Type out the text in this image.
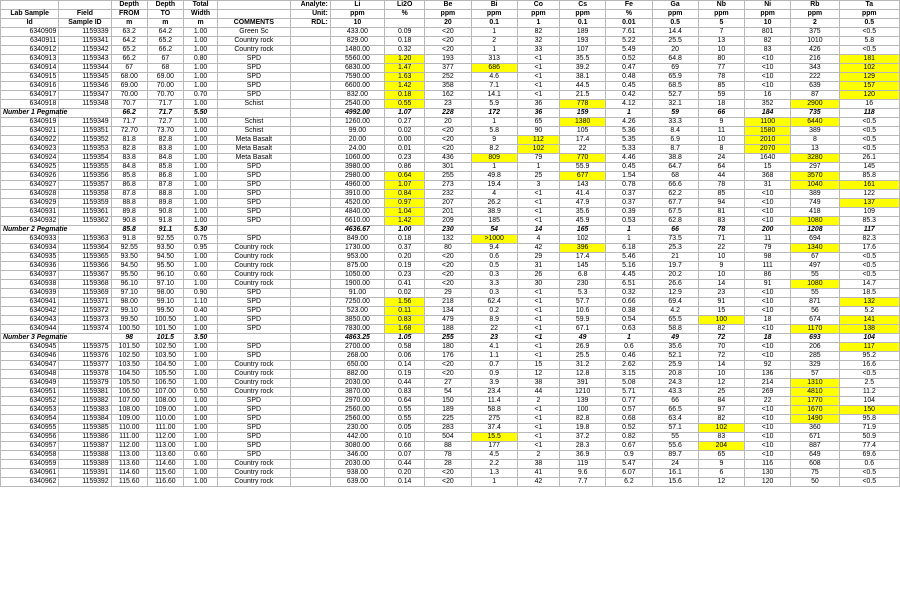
		Depth	Depth	Total		Analyte:	Li	Li2O	Be	Bi	Co	Cs	Fe	Ga	Nb	Ni	Rb	Ta
Lab Sample	Field	FROM	TO	Width		Unit:	ppm	%	ppm	ppm	ppm	ppm	%	ppm	ppm	ppm	ppm	ppm
Id	Sample ID	m	m	m	COMMENTS	RDL:	10		20	0.1	1	0.1	0.01	0.5	5	10	2	0.5
6340909	1159339	63.2	64.2	1.00	Green Sc		433.00	0.09	<20	1	82	189	7.61	14.4	7	801	375	<0.5
6340911	1159341	64.2	65.2	1.00	Country rock		829.00	0.18	<20	2	32	193	5.22	25.5	13	82	1010	5.8
6340912	1159342	65.2	66.2	1.00	Country rock		1480.00	0.32	<20	1	33	107	5.49	20	10	83	426	<0.5
6340913	1159343	66.2	67	0.80	SPD		5560.00	1.20	193	313	<1	35.5	0.52	64.8	80	<10	216	181
6340914	1159344	67	68	1.00	SPD		6830.00	1.47	377	686	<1	39.2	0.47	69	77	<10	343	102
6340915	1159345	68.00	69.00	1.00	SPD		7590.00	1.63	252	4.6	<1	38.1	0.48	65.9	78	<10	222	129
6340916	1159346	69.00	70.00	1.00	SPD		6600.00	1.42	358	7.1	<1	44.5	0.45	68.5	85	<10	639	157
6340917	1159347	70.00	70.70	0.70	SPD		832.00	0.18	162	14.1	<1	21.5	0.42	52.7	59	16	87	120
6340918	1159348	70.7	71.7	1.00	Schist		2540.00	0.55	23	5.9	36	778	4.12	32.1	18	352	2900	16
Number 1 Pegmatie		66.2	71.7	5.50			4992.00	1.07	228	172	36	159	1	59	66	184	735	118
6340919	1159349	71.7	72.7	1.00	Schist		1260.00	0.27	20	1	65	1380	4.26	33.3	9	1100	6440	<0.5
6340921	1159351	72.70	73.70	1.00	Schist		99.00	0.02	<20	5.8	90	105	5.36	8.4	11	1580	389	<0.5
6340922	1159352	81.8	82.8	1.00	Meta Basalt		20.00	0.00	<20	9	112	17.4	5.35	6.9	10	2010	8	<0.5
6340923	1159353	82.8	83.8	1.00	Meta Basalt		24.00	0.01	<20	8.2	102	22	5.33	8.7	8	2070	13	<0.5
6340924	1159354	83.8	84.8	1.00	Meta Basalt		1060.00	0.23	436	809	79	770	4.46	38.8	24	1640	3280	26.1
6340925	1159355	84.8	85.8	1.00	SPD		3980.00	0.86	301	1	1	55.9	0.45	64.7	64	15	297	145
6340926	1159356	85.8	86.8	1.00	SPD		2980.00	0.64	255	49.8	25	677	1.54	68	44	368	3570	85.8
6340927	1159357	86.8	87.8	1.00	SPD		4960.00	1.07	273	19.4	3	143	0.78	66.6	78	31	1040	161
6340928	1159358	87.8	88.8	1.00	SPD		3910.00	0.84	232	4	<1	41.4	0.37	62.2	85	<10	389	122
6340929	1159359	88.8	89.8	1.00	SPD		4520.00	0.97	207	26.2	<1	47.9	0.37	67.7	94	<10	749	137
6340931	1159361	89.8	90.8	1.00	SPD		4840.00	1.04	201	38.9	<1	35.6	0.39	67.5	81	<10	418	109
6340932	1159362	90.8	91.8	1.00	SPD		6610.00	1.42	209	185	<1	45.9	0.53	62.8	83	<10	1080	85.3
Number 2 Pegmatie		85.8	91.1	5.30			4636.67	1.00	230	54	14	165	1	66	78	200	1208	117
6340933	1159363	91.8	92.55	0.75	SPD		849.00	0.18	132	>1000	4	102	1	73.5	71	11	694	82.3
6340934	1159364	92.55	93.50	0.95	Country rock		1730.00	0.37	80	9.4	42	396	6.18	25.3	22	79	1340	17.6
6340935	1159365	93.50	94.50	1.00	Country rock		953.00	0.20	<20	0.6	29	17.4	5.46	21	10	98	67	<0.5
6340936	1159366	94.50	95.50	1.00	Country rock		875.00	0.19	<20	0.5	31	145	5.16	19.7	9	111	497	<0.5
6340937	1159367	95.50	96.10	0.60	Country rock		1050.00	0.23	<20	0.3	26	6.8	4.45	20.2	10	86	55	<0.5
6340938	1159368	96.10	97.10	1.00	Country rock		1900.00	0.41	<20	3.3	30	230	6.51	26.6	14	91	1080	14.7
6340939	1159369	97.10	98.00	0.90	SPD		91.00	0.02	29	0.3	<1	5.3	0.32	12.9	23	<10	55	18.5
6340941	1159371	98.00	99.10	1.10	SPD		7250.00	1.56	218	62.4	<1	57.7	0.66	69.4	91	<10	871	132
6340942	1159372	99.10	99.50	0.40	SPD		523.00	0.11	134	0.2	<1	10.6	0.38	4.2	15	<10	56	5.2
6340943	1159373	99.50	100.50	1.00	SPD		3850.00	0.83	479	8.9	<1	59.9	0.54	65.5	100	18	674	141
6340944	1159374	100.50	101.50	1.00	SPD		7830.00	1.68	188	22	<1	67.1	0.63	58.8	82	<10	1170	138
Number 3 Pegmatie		98	101.5	3.50			4863.25	1.05	255	23	<1	49	1	49	72	18	693	104
6340945	1159375	101.50	102.50	1.00	SPD		2700.00	0.58	180	4.1	<1	26.9	0.6	35.6	70	<10	206	117
6340946	1159376	102.50	103.50	1.00	SPD		268.00	0.06	176	1.1	<1	25.5	0.46	52.1	72	<10	285	95.2
6340947	1159377	103.50	104.50	1.00	Country rock		650.00	0.14	<20	0.7	15	31.2	2.62	25.9	14	92	329	16.6
6340948	1159378	104.50	105.50	1.00	Country rock		882.00	0.19	<20	0.9	12	12.8	3.15	20.8	10	136	57	<0.5
6340949	1159379	105.50	106.50	1.00	Country rock		2030.00	0.44	27	3.9	38	391	5.08	24.3	12	214	1310	2.5
6340951	1159381	106.50	107.00	0.50	Country rock		3870.00	0.83	54	23.4	44	1210	5.71	43.3	25	269	4810	11.2
6340952	1159382	107.00	108.00	1.00	SPD		2970.00	0.64	150	11.4	2	139	0.77	66	84	22	1770	104
6340953	1159383	108.00	109.00	1.00	SPD		2560.00	0.55	189	58.8	<1	100	0.57	66.5	97	<10	1670	150
6340954	1159384	109.00	110.00	1.00	SPD		2560.00	0.55	225	275	<1	82.8	0.68	63.4	82	<10	1490	95.8
6340955	1159385	110.00	111.00	1.00	SPD		230.00	0.05	283	37.4	<1	19.8	0.52	57.1	102	<10	360	71.9
6340956	1159386	111.00	112.00	1.00	SPD		442.00	0.10	504	15.5	<1	37.2	0.82	55	83	<10	671	50.9
6340957	1159387	112.00	113.00	1.00	SPD		3080.00	0.66	88	177	<1	28.3	0.67	55.6	204	<10	887	77.4
6340958	1159388	113.00	113.60	0.60	SPD		346.00	0.07	78	4.5	2	36.9	0.9	89.7	65	<10	649	69.6
6340959	1159389	113.60	114.60	1.00	Country rock		2030.00	0.44	28	2.2	38	119	5.47	24	9	116	608	0.6
6340961	1159391	114.60	115.60	1.00	Country rock		938.00	0.20	<20	1.3	41	9.6	6.07	16.1	6	130	75	<0.5
6340962	1159392	115.60	116.60	1.00	Country rock		639.00	0.14	<20	1	42	7.7	6.2	15.6	12	120	50	<0.5
